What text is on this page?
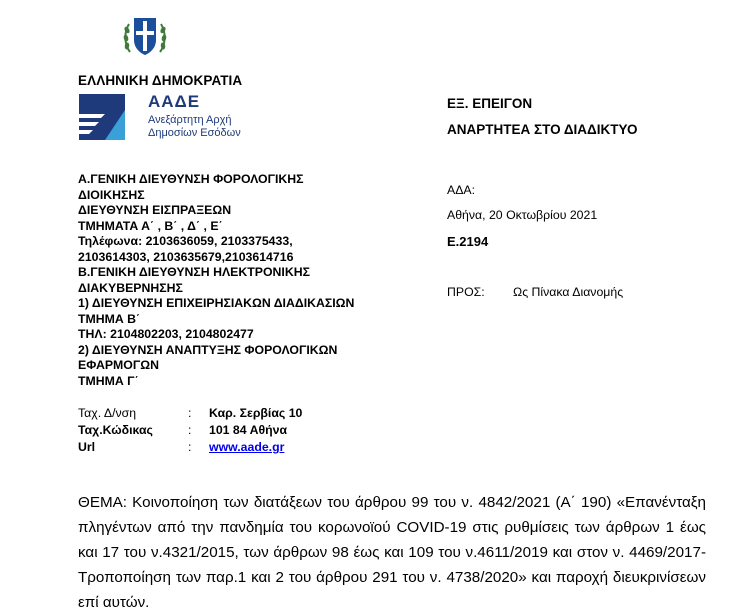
ΕΛΛΗΝΙΚΗ ΔΗΜΟΚΡΑΤΙΑ
ΑΑΔΕ
Ανεξάρτητη Αρχή
Δημοσίων Εσόδων
ΕΞ. ΕΠΕΙΓΟΝ
ΑΝΑΡΤΗΤΕΑ ΣΤΟ ΔΙΑΔΙΚΤΥΟ
Α.ΓΕΝΙΚΗ ΔΙΕΥΘΥΝΣΗ ΦΟΡΟΛΟΓΙΚΗΣ
ΔΙΟΙΚΗΣΗΣ
ΔΙΕΥΘΥΝΣΗ ΕΙΣΠΡΑΞΕΩΝ
ΤΜΗΜΑΤΑ Α΄ , Β΄ , Δ΄ , Ε΄
Τηλέφωνα: 2103636059, 2103375433,
2103614303, 2103635679,2103614716
Β.ΓΕΝΙΚΗ ΔΙΕΥΘΥΝΣΗ ΗΛΕΚΤΡΟΝΙΚΗΣ
ΔΙΑΚΥΒΕΡΝΗΣΗΣ
1) ΔΙΕΥΘΥΝΣΗ ΕΠΙΧΕΙΡΗΣΙΑΚΩΝ ΔΙΑΔΙΚΑΣΙΩΝ
ΤΜΗΜΑ Β΄
ΤΗΛ: 2104802203, 2104802477
2) ΔΙΕΥΘΥΝΣΗ ΑΝΑΠΤΥΞΗΣ ΦΟΡΟΛΟΓΙΚΩΝ
ΕΦΑΡΜΟΓΩΝ
ΤΜΗΜΑ Γ΄
Ταχ. Δ/νση	: Καρ. Σερβίας 10
Ταχ.Κώδικας	: 101 84 Αθήνα
Url	: www.aade.gr
ΑΔΑ:
Αθήνα, 20 Οκτωβρίου 2021
Ε.2194
ΠΡΟΣ: Ως Πίνακα Διανομής
ΘΕΜΑ: Κοινοποίηση των διατάξεων του άρθρου 99 του ν. 4842/2021 (Α΄ 190) «Επανένταξη πληγέντων από την πανδημία του κορωνοϊού COVID-19 στις ρυθμίσεις των άρθρων 1 έως και 17 του ν.4321/2015, των άρθρων 98 έως και 109 του ν.4611/2019 και στον ν. 4469/2017-Τροποποίηση των παρ.1 και 2 του άρθρου 291 του ν. 4738/2020» και παροχή διευκρινίσεων επί αυτών.
